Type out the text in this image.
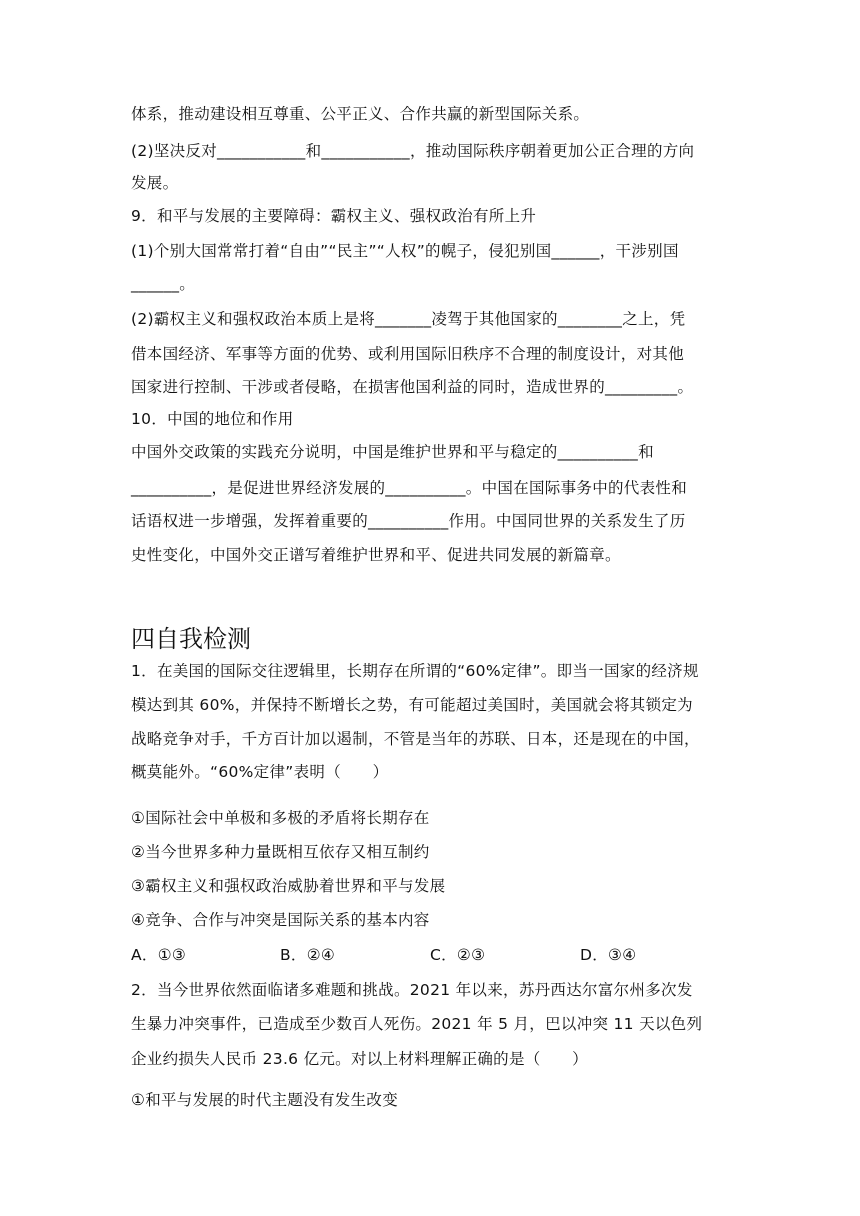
体系，推动建设相互尊重、公平正义、合作共赢的新型国际关系。
(2)坚决反对___________和___________，推动国际秩序朝着更加公正合理的方向
发展。
9．和平与发展的主要障碍：霸权主义、强权政治有所上升
(1)个别大国常常打着“自由”“民主”“人权”的幌子，侵犯别国______，干涉别国
______。
(2)霸权主义和强权政治本质上是将_______凌驾于其他国家的________之上，凭
借本国经济、军事等方面的优势、或利用国际旧秩序不合理的制度设计，对其他
国家进行控制、干涉或者侵略，在损害他国利益的同时，造成世界的_________。
10．中国的地位和作用
中国外交政策的实践充分说明，中国是维护世界和平与稳定的__________和
__________，是促进世界经济发展的__________。中国在国际事务中的代表性和
话语权进一步增强，发挥着重要的__________作用。中国同世界的关系发生了历
史性变化，中国外交正谱写着维护世界和平、促进共同发展的新篇章。
四自我检测
1．在美国的国际交往逻辑里，长期存在所谓的“60%定律”。即当一国家的经济规
模达到其 60%，并保持不断增长之势，有可能超过美国时，美国就会将其锁定为
战略竞争对手，千方百计加以遏制，不管是当年的苏联、日本，还是现在的中国，
概莫能外。“60%定律”表明（　　）
①国际社会中单极和多极的矛盾将长期存在
②当今世界多种力量既相互依存又相互制约
③霸权主义和强权政治威胁着世界和平与发展
④竞争、合作与冲突是国际关系的基本内容
A．①③	B．②④	C．②③	D．③④
2．当今世界依然面临诸多难题和挑战。2021 年以来，苏丹西达尔富尔州多次发
生暴力冲突事件，已造成至少数百人死伤。2021 年 5 月，巴以冲突 11 天以色列
企业约损失人民币 23.6 亿元。对以上材料理解正确的是（　　）
①和平与发展的时代主题没有发生改变
